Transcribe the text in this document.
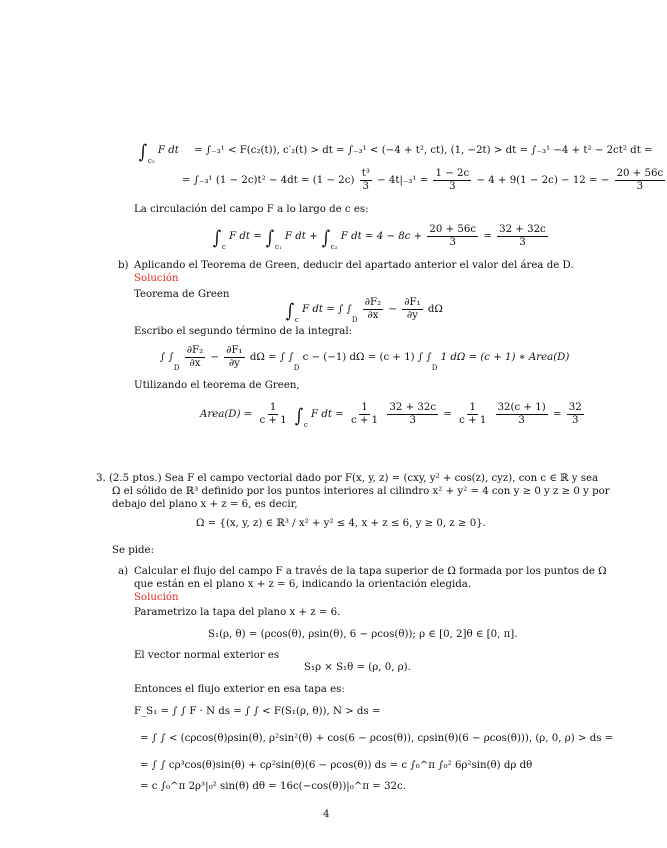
$\int_{c_2}$ F dt = ∫₋₃¹ < F(c₂(t)), c′₂(t) > dt = ∫₋₃¹ < (−4 + t², ct), (1, −2t) > dt = ∫₋₃¹ −4 + t² − 2ct² dt =
= ∫₋₃¹ $(1 - 2c)t^2 - 4dt = (1 - 2c) \frac{\text{t³}}{3} - 4t|_{-3}^1 = \frac{1 - 2c}{3} - 4 + 9(1 - 2c) - 12$ = − $\frac{20 + 56c}{3}$
La circulación del campo F a lo largo de c es:
$\int_c$ F dt = $\int_{c_1}$ F dt + $\int_{c_2}$ F dt = $4 - 8c + \frac{20 + 56c}{3} = \frac{32 + 32c}{3}$
b) Aplicando el Teorema de Green, deducir del apartado anterior el valor del área de D.
Solución
Teorema de Green
$\int_c$ F dt = ∫ $\int_D \frac{\text{∂F₂}}{\partial x} - \frac{\text{∂F₁}}{\partial y}$ dΩ
Escribo el segundo término de la integral:
∫ $\int_D \frac{\text{∂F₂}}{\partial x} - \frac{\text{∂F₁}}{\partial y}$ dΩ = ∫ $\int_D$ c − (−1) dΩ = (c + 1) ∫ $\int_D$ 1 dΩ = (c + 1) ∗ Area(D)
Utilizando el teorema de Green,
Area(D) = $\frac{1}{c + 1} \int_c$ F dt = $\frac{1}{c + 1}$
$\frac{32 + 32c}{3} = \frac{1}{c + 1}$
$\frac{32(c + 1)}{3} = \frac{32}{3}$
3. (2.5 ptos.) Sea F el campo vectorial dado por F(x, y, z) = (cxy, y² + cos(z), cyz), con c ∈ ℝ y sea
Ω el sólido de ℝ³ definido por los puntos interiores al cilindro x² + y² = 4 con y ≥ 0 y z ≥ 0 y por
debajo del plano x + z = 6, es decir,
Ω = {(x, y, z) ∈ ℝ³ / x² + y² ≤ 4, x + z ≤ 6, y ≥ 0, z ≥ 0}.
Se pide:
a) Calcular el flujo del campo F a través de la tapa superior de Ω formada por los puntos de Ω
que están en el plano x + z = 6, indicando la orientación elegida.
Solución
Parametrizo la tapa del plano x + z = 6.
S₁(ρ, θ) = (ρcos(θ), ρsin(θ), 6 − ρcos(θ)); ρ ∈ [0, 2]θ ∈ [0, π].
El vector normal exterior es
S₁ρ × S₁θ = (ρ, 0, ρ).
Entonces el flujo exterior en esa tapa es:
F_S₁ = ∫ ∫ F · N ds = ∫ ∫ < F(S₁(ρ, θ)), N > ds =
= ∫ ∫ < (cρcos(θ)ρsin(θ), ρ²sin²(θ) + cos(6 − ρcos(θ)), cρsin(θ)(6 − ρcos(θ))), (ρ, 0, ρ) > ds =
= ∫ ∫ cρ³cos(θ)sin(θ) + cρ²sin(θ)(6 − ρcos(θ)) ds = c ∫₀^π ∫₀² 6ρ²sin(θ) dρ dθ
= c ∫₀^π 2ρ³|₀² sin(θ) dθ = 16c(−cos(θ))|₀^π = 32c.
4
